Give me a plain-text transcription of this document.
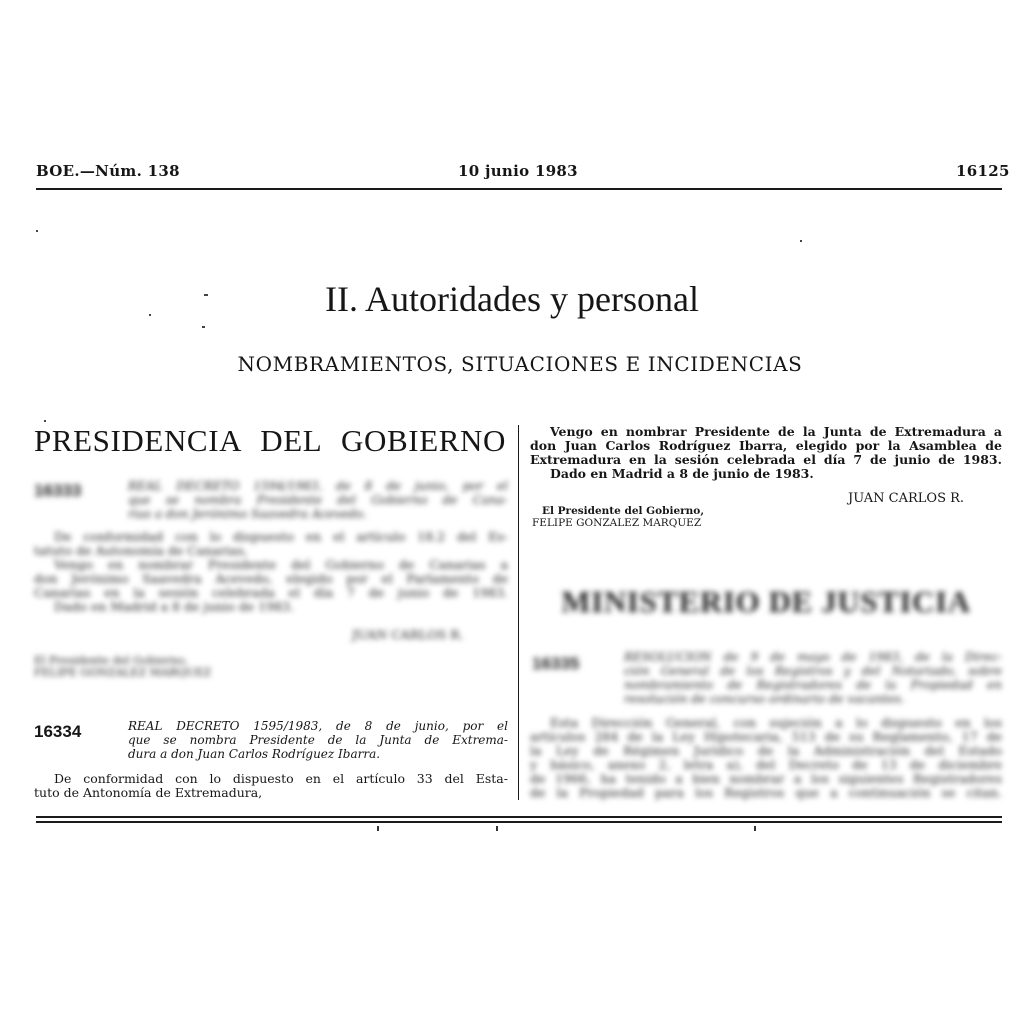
BOE.—Núm. 138	10 junio 1983	16125
II. Autoridades y personal
NOMBRAMIENTOS, SITUACIONES E INCIDENCIAS
PRESIDENCIA DEL GOBIERNO
16333	REAL DECRETO 1594/1983, de 8 de junio, por el
que se nombra Presidente del Gobierno de Cana-
rias a don Jerónimo Saavedra Acevedo.
De conformidad con lo dispuesto en el artículo 18.2 del Es-
tatuto de Autonomía de Canarias,
Vengo en nombrar Presidente del Gobierno de Canarias a
don Jerónimo Saavedra Acevedo, elegido por el Parlamento de
Canarias en la sesión celebrada el día 7 de junio de 1983.
Dado en Madrid a 8 de junio de 1983.
JUAN CARLOS R.
El Presidente del Gobierno,
FELIPE GONZALEZ MARQUEZ
16334	REAL DECRETO 1595/1983, de 8 de junio, por el
que se nombra Presidente de la Junta de Extrema-
dura a don Juan Carlos Rodríguez Ibarra.
De conformidad con lo dispuesto en el artículo 33 del Esta-
tuto de Antonomía de Extremadura,
Vengo en nombrar Presidente de la Junta de Extremadura a
don Juan Carlos Rodríguez Ibarra, elegido por la Asamblea de
Extremadura en la sesión celebrada el día 7 de junio de 1983.
Dado en Madrid a 8 de junio de 1983.
JUAN CARLOS R.
El Presidente del Gobierno,
FELIPE GONZALEZ MARQUEZ
MINISTERIO DE JUSTICIA
16335	RESOLUCION de 9 de mayo de 1983, de la Direc-
ción General de los Registros y del Notariado, sobre
nombramiento de Registradores de la Propiedad en
resolución de concurso ordinario de vacantes.
Esta Dirección General, con sujeción a lo dispuesto en los
artículos 284 de la Ley Hipotecaria, 513 de su Reglamento, 17 de
la Ley de Régimen Jurídico de la Administración del Estado
y básico, anexo 2, letra a), del Decreto de 13 de diciembre
de 1966, ha tenido a bien nombrar a los siguientes Registradores
de la Propiedad para los Registros que a continuación se citan.
